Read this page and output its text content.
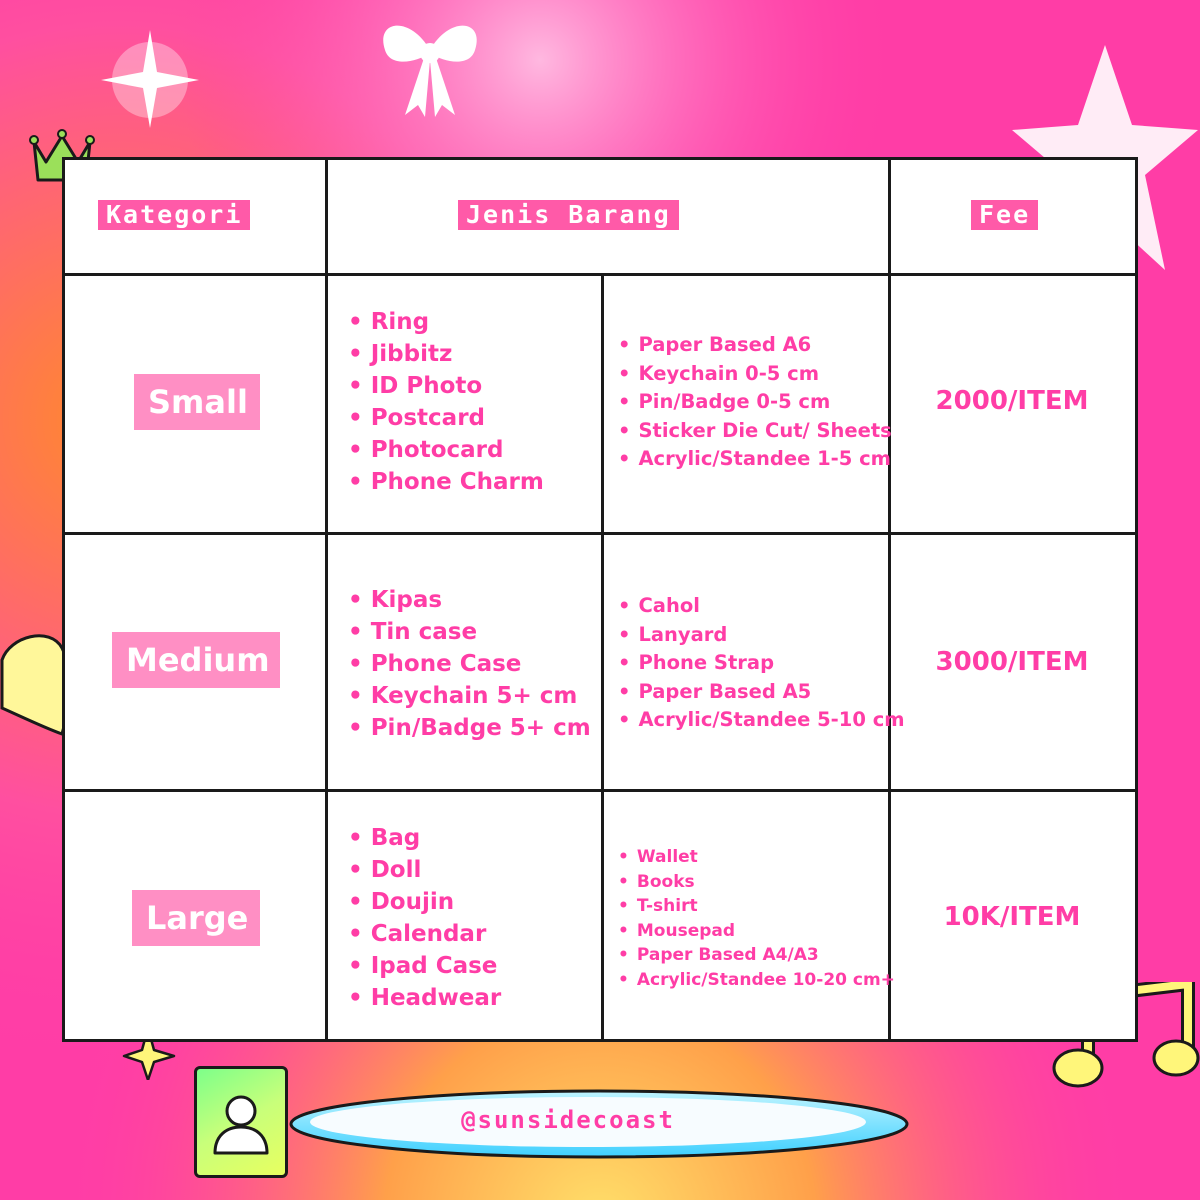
Kategori	Jenis Barang	Fee
Small
• Ring
• Jibbitz
• ID Photo
• Postcard
• Photocard
• Phone Charm
• Paper Based A6
• Keychain 0-5 cm
• Pin/Badge 0-5 cm
• Sticker Die Cut/ Sheets
• Acrylic/Standee 1-5 cm
2000/ITEM
Medium
• Kipas
• Tin case
• Phone Case
• Keychain 5+ cm
• Pin/Badge 5+ cm
• Cahol
• Lanyard
• Phone Strap
• Paper Based A5
• Acrylic/Standee 5-10 cm
3000/ITEM
Large
• Bag
• Doll
• Doujin
• Calendar
• Ipad Case
• Headwear
• Wallet
• Books
• T-shirt
• Mousepad
• Paper Based A4/A3
• Acrylic/Standee 10-20 cm+
10K/ITEM
@sunsidecoast
